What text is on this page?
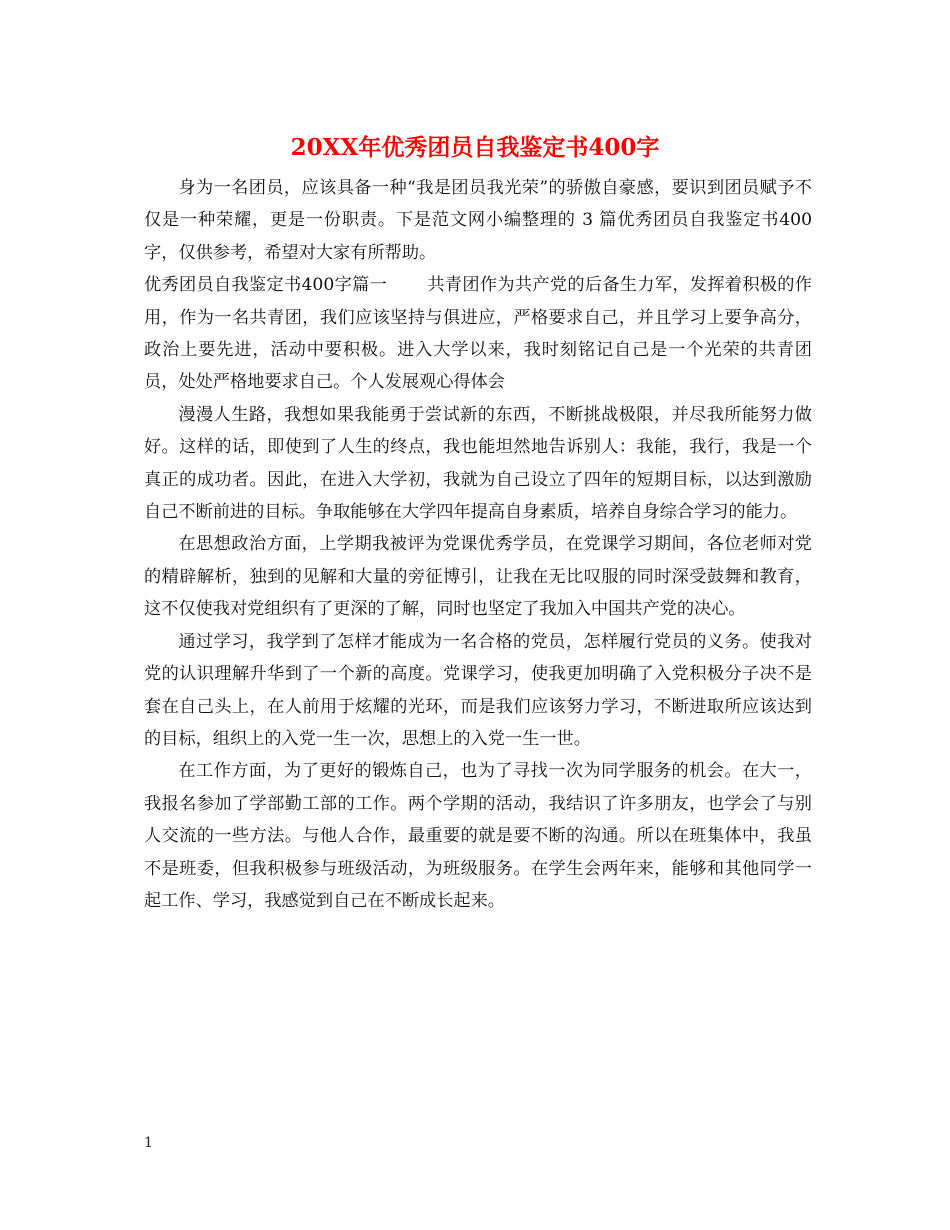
20XX年优秀团员自我鉴定书400字

身为一名团员，应该具备一种“我是团员我光荣”的骄傲自豪感，要识到团员赋予不仅是一种荣耀，更是一份职责。下是范文网小编整理的 3 篇优秀团员自我鉴定书400字，仅供参考，希望对大家有所帮助。

优秀团员自我鉴定书400字篇一 共青团作为共产党的后备生力军，发挥着积极的作用，作为一名共青团，我们应该坚持与俱进应，严格要求自己，并且学习上要争高分，政治上要先进，活动中要积极。进入大学以来，我时刻铭记自己是一个光荣的共青团员，处处严格地要求自己。个人发展观心得体会

漫漫人生路，我想如果我能勇于尝试新的东西，不断挑战极限，并尽我所能努力做好。这样的话，即使到了人生的终点，我也能坦然地告诉别人：我能，我行，我是一个真正的成功者。因此，在进入大学初，我就为自己设立了四年的短期目标，以达到激励自己不断前进的目标。争取能够在大学四年提高自身素质，培养自身综合学习的能力。

在思想政治方面，上学期我被评为党课优秀学员，在党课学习期间，各位老师对党的精辟解析，独到的见解和大量的旁征博引，让我在无比叹服的同时深受鼓舞和教育，这不仅使我对党组织有了更深的了解，同时也坚定了我加入中国共产党的决心。

通过学习，我学到了怎样才能成为一名合格的党员，怎样履行党员的义务。使我对党的认识理解升华到了一个新的高度。党课学习，使我更加明确了入党积极分子决不是套在自己头上，在人前用于炫耀的光环，而是我们应该努力学习，不断进取所应该达到的目标，组织上的入党一生一次，思想上的入党一生一世。

在工作方面，为了更好的锻炼自己，也为了寻找一次为同学服务的机会。在大一，我报名参加了学部勤工部的工作。两个学期的活动，我结识了许多朋友，也学会了与别人交流的一些方法。与他人合作，最重要的就是要不断的沟通。所以在班集体中，我虽不是班委，但我积极参与班级活动，为班级服务。在学生会两年来，能够和其他同学一起工作、学习，我感觉到自己在不断成长起来。

1
